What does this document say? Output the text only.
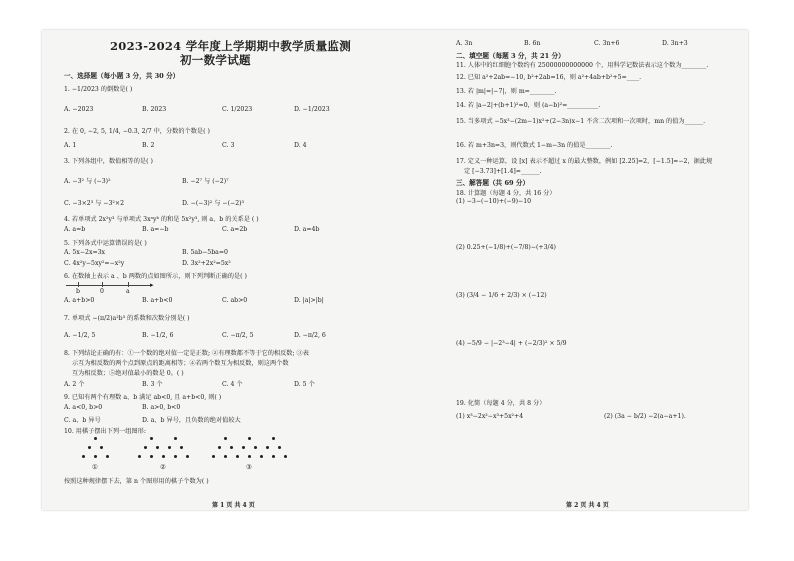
2023-2024 学年度上学期期中教学质量监测
初一数学试题
一、选择题（每小题 3 分，共 30 分）
1. −1/2023 的倒数是( )
A. −2023	B. 2023	C. 1/2023	D. −1/2023
2. 在 0, −2, 5, 1/4, −0.3, 2/7 中，分数的个数是( )
A. 1	B. 2	C. 3	D. 4
3. 下列各组中，数值相等的是( )
A. −3² 与 (−3)²	B. −2⁷ 与 (−2)⁷
C. −3×2³ 与 −3²×2	D. −(−3)² 与 −(−2)³
4. 若单项式 2x²y³ 与单项式 3xᵃyᵇ 的和是 5x²y³, 则 a、b 的关系是 ( )
A. a=b	B. a=−b	C. a=2b	D. a=4b
5. 下列各式中运算错误的是( )
A. 5x−2x=3x	B. 5ab−5ba=0
C. 4x²y−5xy²=−x²y	D. 3x²+2x²=5x²
6. 在数轴上表示 a 、b 两数的点如图所示，则下列判断正确的是( )
▸
b	0	a
A. a+b>0	B. a+b<0	C. ab>0	D. |a|>|b|
7. 单项式 −(π/2)a²b³ 的系数和次数分别是( )
A. −1/2, 5	B. −1/2, 6	C. −π/2, 5	D. −π/2, 6
8. 下列结论正确的有：①一个数的绝对值一定是正数; ②有理数都不等于它的相反数; ③表
示互为相反数的两个点到原点的距离相等；④若两个数互为相反数，则这两个数
互为相反数；⑤绝对值最小的数是 0。( )
A. 2 个	B. 3 个	C. 4 个	D. 5 个
9. 已知有两个有理数 a、b 满足 ab<0, 且 a+b<0, 则( )
A. a<0, b>0	B. a>0, b<0
C. a、b 异号	D. a、b 异号，且负数的绝对值较大
10. 用棋子摆出下列一组图形:
①	②	③
按照这种规律摆下去，第 n 个图形用的棋子个数为( )
第 1 页 共 4 页
A. 3n	B. 6n	C. 3n+6	D. 3n+3
二、填空题（每题 3 分，共 21 分）
11. 人体中的红细胞个数约有 25000000000000 个，用科学记数法表示这个数为________.
12. 已知 a²+2ab=−10, b²+2ab=16，则 a²+4ab+b²+5=____.
13. 若 |m|=|−7|，则 m=________.
14. 若 |a−2|+(b+1)²=0，则 (a−b)²=__________.
15. 当多项式 −5x³−(2m−1)x²+(2−3n)x−1 不含二次项和一次项时，mn 的值为______.
16. 若 m+3n=3，则代数式 1−m−3n 的值是________.
17. 定义一种运算，设 [x] 表示不超过 x 的最大整数，例如 [2.25]=2，[−1.5]=−2，据此规
定 [−3.73]+[1.4]=______.
三、解答题（共 69 分）
18. 计算题（每题 4 分，共 16 分）
(1) −3−(−10)+(−9)−10
(2) 0.25+(−1/8)+(−7/8)−(+3/4)
(3) (3/4 − 1/6 + 2/3) × (−12)
(4) −5/9 − |−2³−4| + (−2/3)² × 5/9
19. 化简（每题 4 分，共 8 分）
(1) x³−2x²−x³+5x²+4	(2) (3a − b/2) −2(a−a+1).
第 2 页 共 4 页
